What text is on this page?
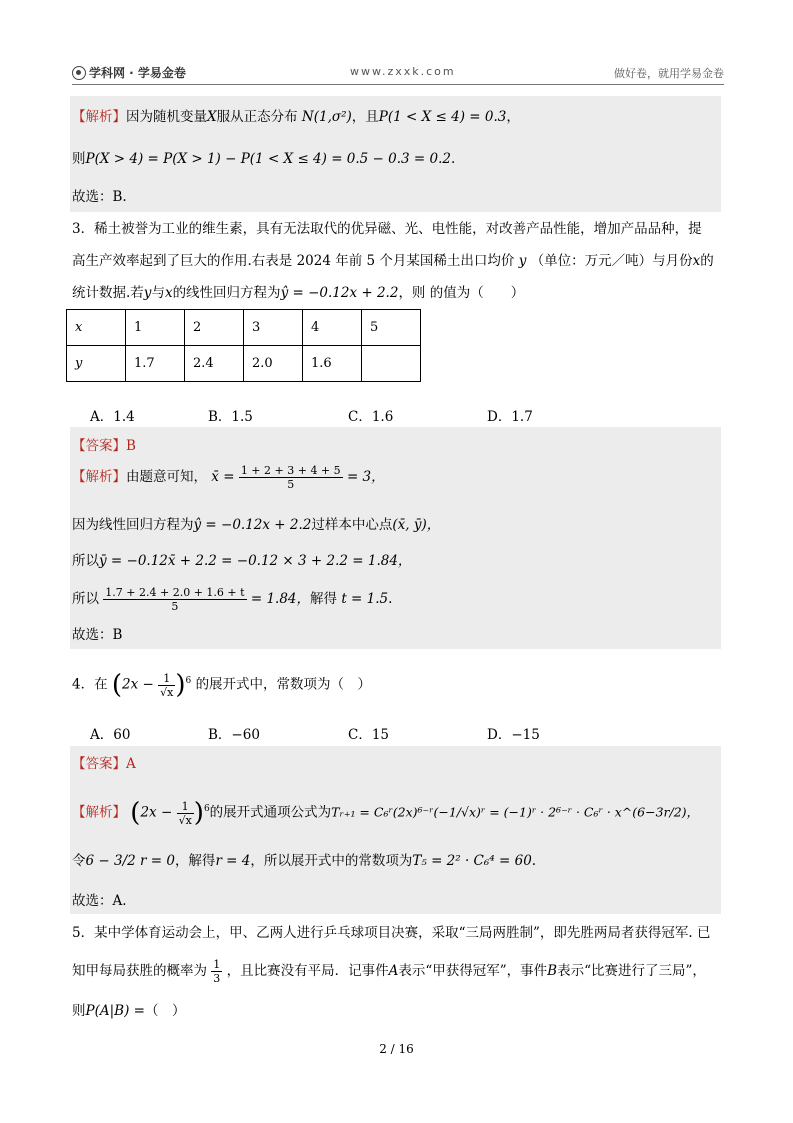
学科网 · 学易金卷	www.zxxk.com	做好卷，就用学易金卷
【解析】因为随机变量X服从正态分布 N(1,σ²)，且P(1 < X ≤ 4) = 0.3，
则P(X > 4) = P(X > 1) − P(1 < X ≤ 4) = 0.5 − 0.3 = 0.2.
故选：B.
3．稀土被誉为工业的维生素，具有无法取代的优异磁、光、电性能，对改善产品性能，增加产品品种，提
高生产效率起到了巨大的作用.右表是 2024 年前 5 个月某国稀土出口均价 y （单位：万元／吨）与月份x的
统计数据.若y与x的线性回归方程为ŷ = −0.12x + 2.2，则 的值为（　　）
x	1	2	3	4	5
y	1.7	2.4	2.0	1.6	
A．1.4	B．1.5	C．1.6	D．1.7
【答案】B
【解析】由题意可知， x̄ = $\frac{1 + 2 + 3 + 4 + 5}{5} = 3$，
因为线性回归方程为ŷ = −0.12x + 2.2过样本中心点(x̄, ȳ)，
所以ȳ = −0.12x̄ + 2.2 = −0.12 × 3 + 2.2 = 1.84，
所以 $\frac{1.7 + 2.4 + 2.0 + 1.6 + t}{5} = 1.84$，解得 t = 1.5.
故选：B
4．在 $(2x - \frac{1}{√x} )^6$ 的展开式中，常数项为（　）
A．60	B．−60	C．15	D．−15
【答案】A
【解析】 $(2x - \frac{1}{√x} )^6$的展开式通项公式为Tᵣ₊₁ = C₆ʳ(2x)⁶⁻ʳ(−1/√x)ʳ = (−1)ʳ · 2⁶⁻ʳ · C₆ʳ · x^(6−3r/2)，
令6 − 3/2 r = 0，解得r = 4，所以展开式中的常数项为T₅ = 2² · C₆⁴ = 60.
故选：A.
5．某中学体育运动会上，甲、乙两人进行乒乓球项目决赛，采取“三局两胜制”，即先胜两局者获得冠军. 已
知甲每局获胜的概率为 $\frac{1}{3}$ ，且比赛没有平局．记事件A表示“甲获得冠军”，事件B表示“比赛进行了三局”，
则P(A|B) =（　）
2 / 16
